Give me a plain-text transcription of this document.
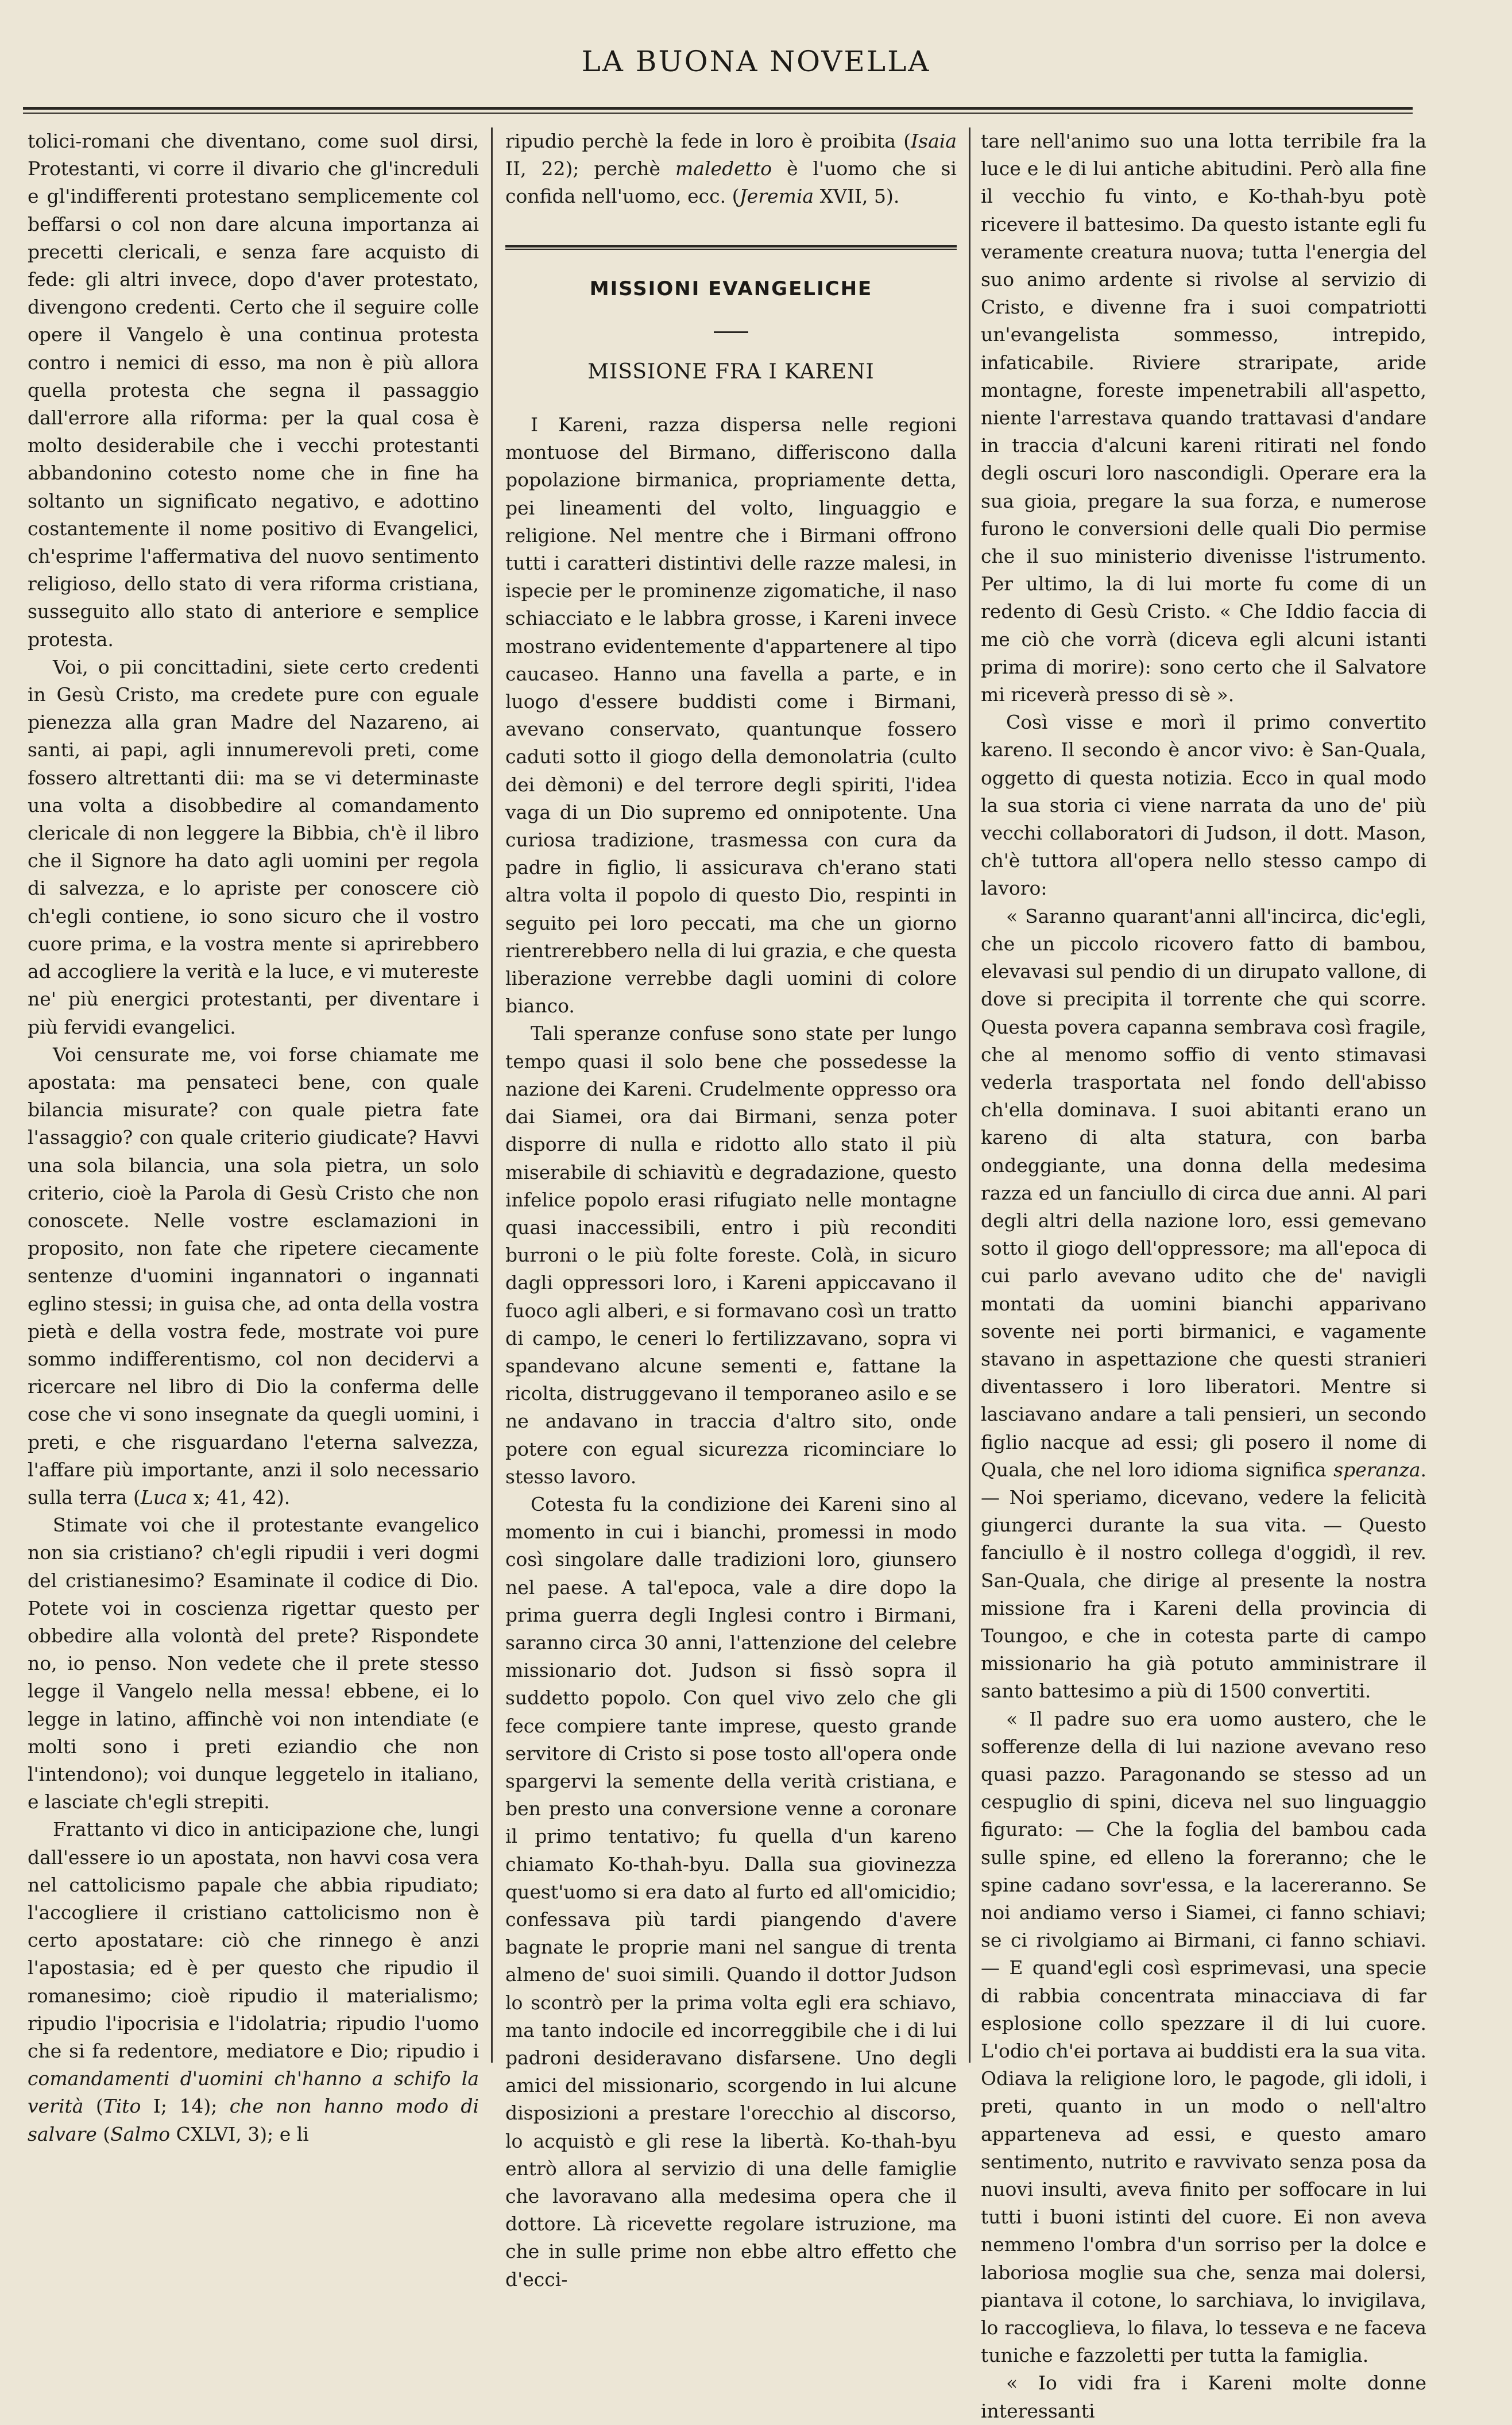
LA BUONA NOVELLA

tolici-romani che diventano, come suol dirsi, Protestanti, vi corre il divario che gl'increduli e gl'indifferenti protestano semplicemente col beffarsi o col non dare alcuna importanza ai precetti clericali, e senza fare acquisto di fede: gli altri invece, dopo d'aver protestato, divengono credenti. Certo che il seguire colle opere il Vangelo è una continua protesta contro i nemici di esso, ma non è più allora quella protesta che segna il passaggio dall'errore alla riforma: per la qual cosa è molto desiderabile che i vecchi protestanti abbandonino cotesto nome che in fine ha soltanto un significato negativo, e adottino costantemente il nome positivo di Evangelici, ch'esprime l'affermativa del nuovo sentimento religioso, dello stato di vera riforma cristiana, susseguito allo stato di anteriore e semplice protesta.

Voi, o pii concittadini, siete certo credenti in Gesù Cristo, ma credete pure con eguale pienezza alla gran Madre del Nazareno, ai santi, ai papi, agli innumerevoli preti, come fossero altrettanti dii: ma se vi determinaste una volta a disobbedire al comandamento clericale di non leggere la Bibbia, ch'è il libro che il Signore ha dato agli uomini per regola di salvezza, e lo apriste per conoscere ciò ch'egli contiene, io sono sicuro che il vostro cuore prima, e la vostra mente si aprirebbero ad accogliere la verità e la luce, e vi mutereste ne' più energici protestanti, per diventare i più fervidi evangelici.

Voi censurate me, voi forse chiamate me apostata: ma pensateci bene, con quale bilancia misurate? con quale pietra fate l'assaggio? con quale criterio giudicate? Havvi una sola bilancia, una sola pietra, un solo criterio, cioè la Parola di Gesù Cristo che non conoscete. Nelle vostre esclamazioni in proposito, non fate che ripetere ciecamente sentenze d'uomini ingannatori o ingannati eglino stessi; in guisa che, ad onta della vostra pietà e della vostra fede, mostrate voi pure sommo indifferentismo, col non decidervi a ricercare nel libro di Dio la conferma delle cose che vi sono insegnate da quegli uomini, i preti, e che risguardano l'eterna salvezza, l'affare più importante, anzi il solo necessario sulla terra (Luca x; 41, 42).

Stimate voi che il protestante evangelico non sia cristiano? ch'egli ripudii i veri dogmi del cristianesimo? Esaminate il codice di Dio. Potete voi in coscienza rigettar questo per obbedire alla volontà del prete? Rispondete no, io penso. Non vedete che il prete stesso legge il Vangelo nella messa! ebbene, ei lo legge in latino, affinchè voi non intendiate (e molti sono i preti eziandio che non l'intendono); voi dunque leggetelo in italiano, e lasciate ch'egli strepiti.

Frattanto vi dico in anticipazione che, lungi dall'essere io un apostata, non havvi cosa vera nel cattolicismo papale che abbia ripudiato; l'accogliere il cristiano cattolicismo non è certo apostatare: ciò che rinnego è anzi l'apostasia; ed è per questo che ripudio il romanesimo; cioè ripudio il materialismo; ripudio l'ipocrisia e l'idolatria; ripudio l'uomo che si fa redentore, mediatore e Dio; ripudio i comandamenti d'uomini ch'hanno a schifo la verità (Tito I; 14); che non hanno modo di salvare (Salmo CXLVI, 3); e li

ripudio perchè la fede in loro è proibita (Isaia II, 22); perchè maledetto è l'uomo che si confida nell'uomo, ecc. (Jeremia XVII, 5).

MISSIONI EVANGELICHE
MISSIONE FRA I KARENI

I Kareni, razza dispersa nelle regioni montuose del Birmano, differiscono dalla popolazione birmanica, propriamente detta, pei lineamenti del volto, linguaggio e religione. Nel mentre che i Birmani offrono tutti i caratteri distintivi delle razze malesi, in ispecie per le prominenze zigomatiche, il naso schiacciato e le labbra grosse, i Kareni invece mostrano evidentemente d'appartenere al tipo caucaseo. Hanno una favella a parte, e in luogo d'essere buddisti come i Birmani, avevano conservato, quantunque fossero caduti sotto il giogo della demonolatria (culto dei dèmoni) e del terrore degli spiriti, l'idea vaga di un Dio supremo ed onnipotente. Una curiosa tradizione, trasmessa con cura da padre in figlio, li assicurava ch'erano stati altra volta il popolo di questo Dio, respinti in seguito pei loro peccati, ma che un giorno rientrerebbero nella di lui grazia, e che questa liberazione verrebbe dagli uomini di colore bianco.

Tali speranze confuse sono state per lungo tempo quasi il solo bene che possedesse la nazione dei Kareni. Crudelmente oppresso ora dai Siamei, ora dai Birmani, senza poter disporre di nulla e ridotto allo stato il più miserabile di schiavitù e degradazione, questo infelice popolo erasi rifugiato nelle montagne quasi inaccessibili, entro i più reconditi burroni o le più folte foreste. Colà, in sicuro dagli oppressori loro, i Kareni appiccavano il fuoco agli alberi, e si formavano così un tratto di campo, le ceneri lo fertilizzavano, sopra vi spandevano alcune sementi e, fattane la ricolta, distruggevano il temporaneo asilo e se ne andavano in traccia d'altro sito, onde potere con egual sicurezza ricominciare lo stesso lavoro.

Cotesta fu la condizione dei Kareni sino al momento in cui i bianchi, promessi in modo così singolare dalle tradizioni loro, giunsero nel paese. A tal'epoca, vale a dire dopo la prima guerra degli Inglesi contro i Birmani, saranno circa 30 anni, l'attenzione del celebre missionario dot. Judson si fissò sopra il suddetto popolo. Con quel vivo zelo che gli fece compiere tante imprese, questo grande servitore di Cristo si pose tosto all'opera onde spargervi la semente della verità cristiana, e ben presto una conversione venne a coronare il primo tentativo; fu quella d'un kareno chiamato Ko-thah-byu. Dalla sua giovinezza quest'uomo si era dato al furto ed all'omicidio; confessava più tardi piangendo d'avere bagnate le proprie mani nel sangue di trenta almeno de' suoi simili. Quando il dottor Judson lo scontrò per la prima volta egli era schiavo, ma tanto indocile ed incorreggibile che i di lui padroni desideravano disfarsene. Uno degli amici del missionario, scorgendo in lui alcune disposizioni a prestare l'orecchio al discorso, lo acquistò e gli rese la libertà. Ko-thah-byu entrò allora al servizio di una delle famiglie che lavoravano alla medesima opera che il dottore. Là ricevette regolare istruzione, ma che in sulle prime non ebbe altro effetto che d'ecci-

tare nell'animo suo una lotta terribile fra la luce e le di lui antiche abitudini. Però alla fine il vecchio fu vinto, e Ko-thah-byu potè ricevere il battesimo. Da questo istante egli fu veramente creatura nuova; tutta l'energia del suo animo ardente si rivolse al servizio di Cristo, e divenne fra i suoi compatriotti un'evangelista sommesso, intrepido, infaticabile. Riviere straripate, aride montagne, foreste impenetrabili all'aspetto, niente l'arrestava quando trattavasi d'andare in traccia d'alcuni kareni ritirati nel fondo degli oscuri loro nascondigli. Operare era la sua gioia, pregare la sua forza, e numerose furono le conversioni delle quali Dio permise che il suo ministerio divenisse l'istrumento. Per ultimo, la di lui morte fu come di un redento di Gesù Cristo. « Che Iddio faccia di me ciò che vorrà (diceva egli alcuni istanti prima di morire): sono certo che il Salvatore mi riceverà presso di sè ».

Così visse e morì il primo convertito kareno. Il secondo è ancor vivo: è San-Quala, oggetto di questa notizia. Ecco in qual modo la sua storia ci viene narrata da uno de' più vecchi collaboratori di Judson, il dott. Mason, ch'è tuttora all'opera nello stesso campo di lavoro:

« Saranno quarant'anni all'incirca, dic'egli, che un piccolo ricovero fatto di bambou, elevavasi sul pendio di un dirupato vallone, di dove si precipita il torrente che qui scorre. Questa povera capanna sembrava così fragile, che al menomo soffio di vento stimavasi vederla trasportata nel fondo dell'abisso ch'ella dominava. I suoi abitanti erano un kareno di alta statura, con barba ondeggiante, una donna della medesima razza ed un fanciullo di circa due anni. Al pari degli altri della nazione loro, essi gemevano sotto il giogo dell'oppressore; ma all'epoca di cui parlo avevano udito che de' navigli montati da uomini bianchi apparivano sovente nei porti birmanici, e vagamente stavano in aspettazione che questi stranieri diventassero i loro liberatori. Mentre si lasciavano andare a tali pensieri, un secondo figlio nacque ad essi; gli posero il nome di Quala, che nel loro idioma significa speranza. — Noi speriamo, dicevano, vedere la felicità giungerci durante la sua vita. — Questo fanciullo è il nostro collega d'oggidì, il rev. San-Quala, che dirige al presente la nostra missione fra i Kareni della provincia di Toungoo, e che in cotesta parte di campo missionario ha già potuto amministrare il santo battesimo a più di 1500 convertiti.

« Il padre suo era uomo austero, che le sofferenze della di lui nazione avevano reso quasi pazzo. Paragonando se stesso ad un cespuglio di spini, diceva nel suo linguaggio figurato: — Che la foglia del bambou cada sulle spine, ed elleno la foreranno; che le spine cadano sovr'essa, e la lacereranno. Se noi andiamo verso i Siamei, ci fanno schiavi; se ci rivolgiamo ai Birmani, ci fanno schiavi. — E quand'egli così esprimevasi, una specie di rabbia concentrata minacciava di far esplosione collo spezzare il di lui cuore. L'odio ch'ei portava ai buddisti era la sua vita. Odiava la religione loro, le pagode, gli idoli, i preti, quanto in un modo o nell'altro apparteneva ad essi, e questo amaro sentimento, nutrito e ravvivato senza posa da nuovi insulti, aveva finito per soffocare in lui tutti i buoni istinti del cuore. Ei non aveva nemmeno l'ombra d'un sorriso per la dolce e laboriosa moglie sua che, senza mai dolersi, piantava il cotone, lo sarchiava, lo invigilava, lo raccoglieva, lo filava, lo tesseva e ne faceva tuniche e fazzoletti per tutta la famiglia.

« Io vidi fra i Kareni molte donne interessanti
